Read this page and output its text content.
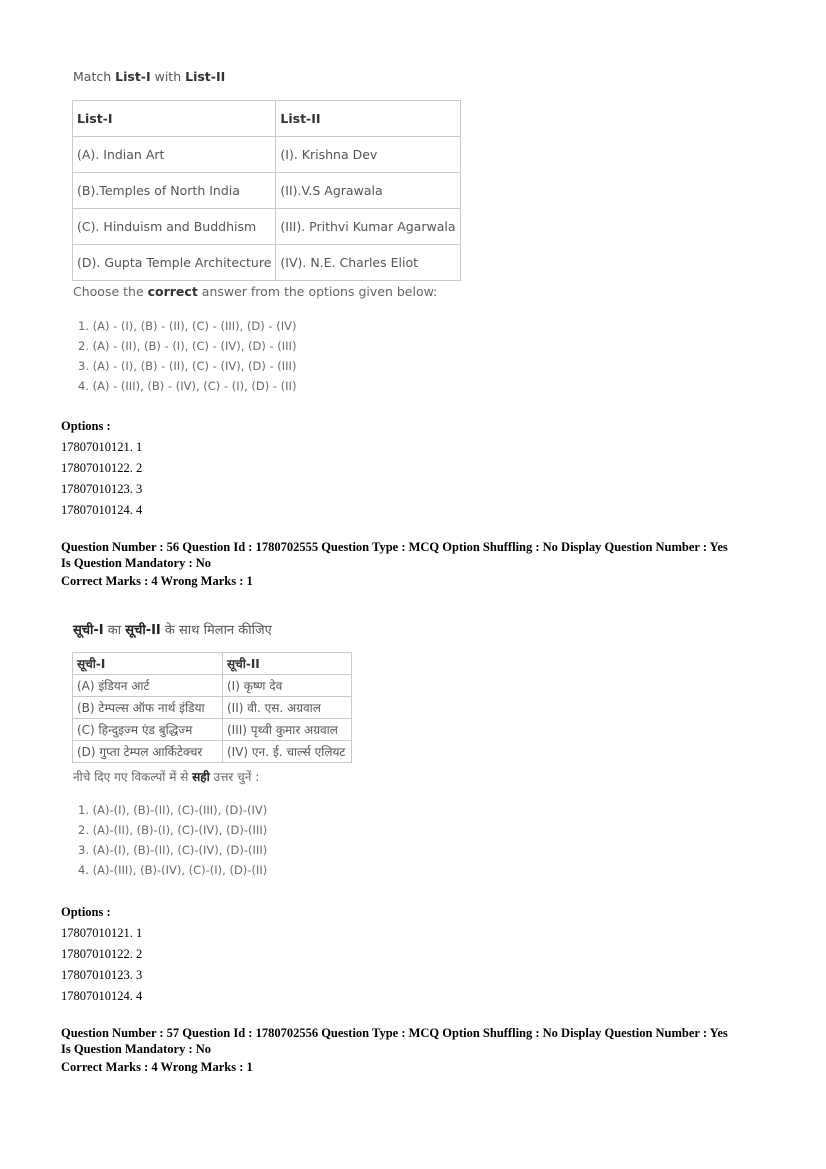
Match List-I with List-II
List-I	List-II
(A). Indian Art	(I). Krishna Dev
(B).Temples of North India	(II).V.S Agrawala
(C). Hinduism and Buddhism	(III). Prithvi Kumar Agarwala
(D). Gupta Temple Architecture	(IV). N.E. Charles Eliot
Choose the correct answer from the options given below:
1. (A) - (I), (B) - (II), (C) - (III), (D) - (IV)
2. (A) - (II), (B) - (I), (C) - (IV), (D) - (III)
3. (A) - (I), (B) - (II), (C) - (IV), (D) - (III)
4. (A) - (III), (B) - (IV), (C) - (I), (D) - (II)
Options :
17807010121. 1
17807010122. 2
17807010123. 3
17807010124. 4
Question Number : 56 Question Id : 1780702555 Question Type : MCQ Option Shuffling : No Display Question Number : Yes
Is Question Mandatory : No
Correct Marks : 4 Wrong Marks : 1
सूची-I का सूची-II के साथ मिलान कीजिए
सूची-I	सूची-II
(A) इंडियन आर्ट	(I) कृष्ण देव
(B) टेम्पल्स ऑफ नार्थ इंडिया	(II) वी. एस. अग्रवाल
(C) हिन्दुइज्म एंड बुद्धिज्म	(III) पृथ्वी कुमार अग्रवाल
(D) गुप्ता टेम्पल आर्किटेक्चर	(IV) एन. ई. चार्ल्स एलियट
नीचे दिए गए विकल्पों में से सही उत्तर चुनें :
1. (A)-(I), (B)-(II), (C)-(III), (D)-(IV)
2. (A)-(II), (B)-(I), (C)-(IV), (D)-(III)
3. (A)-(I), (B)-(II), (C)-(IV), (D)-(III)
4. (A)-(III), (B)-(IV), (C)-(I), (D)-(II)
Options :
17807010121. 1
17807010122. 2
17807010123. 3
17807010124. 4
Question Number : 57 Question Id : 1780702556 Question Type : MCQ Option Shuffling : No Display Question Number : Yes
Is Question Mandatory : No
Correct Marks : 4 Wrong Marks : 1
